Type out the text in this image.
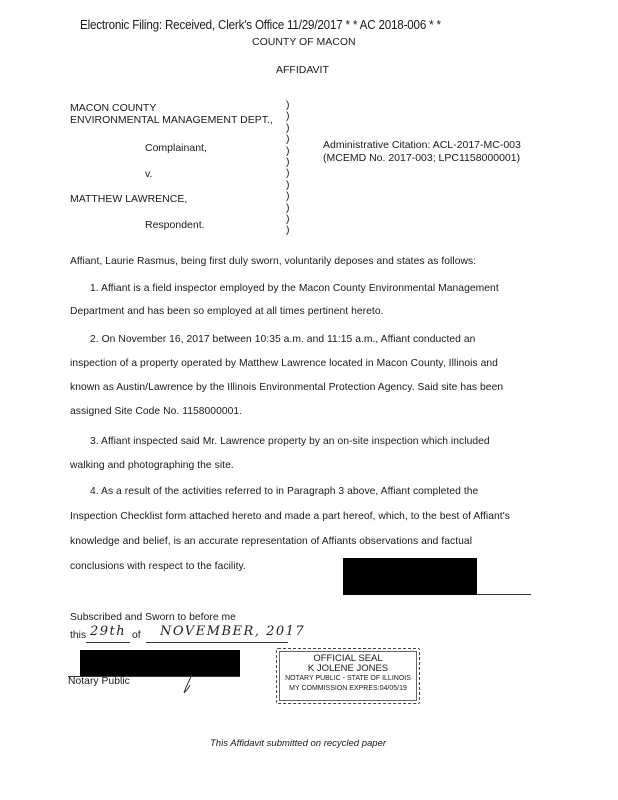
Electronic Filing: Received, Clerk's Office 11/29/2017 * * AC 2018-006 * *
COUNTY OF MACON
AFFIDAVIT
MACON COUNTY
ENVIRONMENTAL MANAGEMENT DEPT.,
Complainant,
v.
MATTHEW LAWRENCE,
Respondent.
)
)
)
)
)
)
)
)
)
)
)
)
Administrative Citation: ACL-2017-MC-003
(MCEMD No. 2017-003; LPC1158000001)
Affiant, Laurie Rasmus, being first duly sworn, voluntarily deposes and states as follows:
1. Affiant is a field inspector employed by the Macon County Environmental Management
Department and has been so employed at all times pertinent hereto.
2. On November 16, 2017 between 10:35 a.m. and 11:15 a.m., Affiant conducted an
inspection of a property operated by Matthew Lawrence located in Macon County, Illinois and
known as Austin/Lawrence by the Illinois Environmental Protection Agency. Said site has been
assigned Site Code No. 1158000001.
3. Affiant inspected said Mr. Lawrence property by an on-site inspection which included
walking and photographing the site.
4. As a result of the activities referred to in Paragraph 3 above, Affiant completed the
Inspection Checklist form attached hereto and made a part hereof, which, to the best of Affiant's
knowledge and belief, is an accurate representation of Affiants observations and factual
conclusions with respect to the facility.
Subscribed and Sworn to before me
this 29th of NOVEMBER, 2017
Notary Public
OFFICIAL SEAL
K JOLENE JONES
NOTARY PUBLIC - STATE OF ILLINOIS
MY COMMISSION EXPRES:04/05/19
This Affidavit submitted on recycled paper
